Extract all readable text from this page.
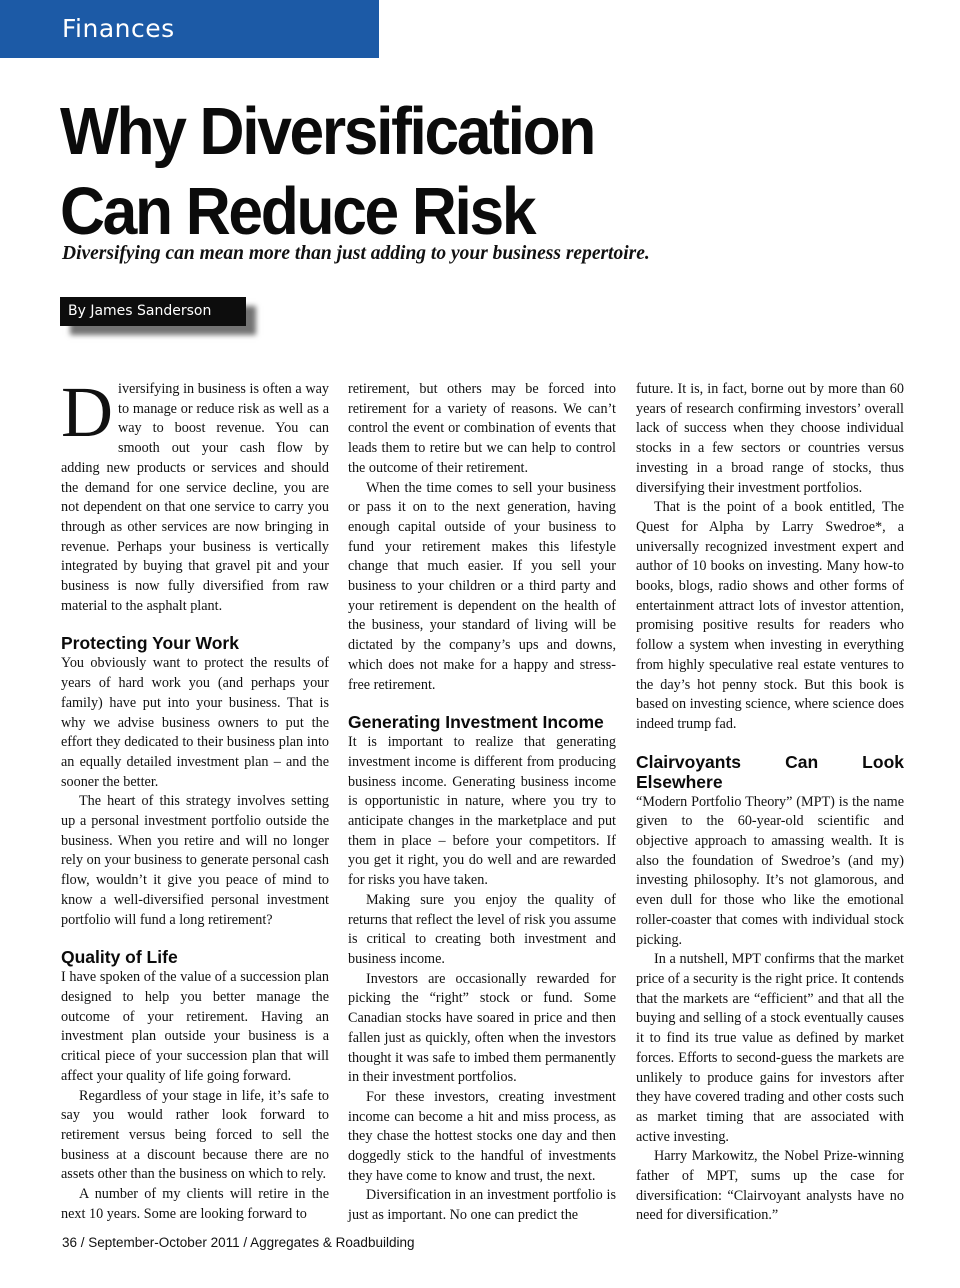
Finances
Why Diversification
Can Reduce Risk
Diversifying can mean more than just adding to your business repertoire.
By James Sanderson

Diversifying in business is often a way to manage or reduce risk as well as a way to boost revenue. You can smooth out your cash flow by adding new products or services and should the demand for one service decline, you are not dependent on that one service to carry you through as other services are now bringing in revenue. Perhaps your business is vertically integrated by buying that gravel pit and your business is now fully diversified from raw material to the asphalt plant.

Protecting Your Work

You obviously want to protect the results of years of hard work you (and perhaps your family) have put into your business. That is why we advise business owners to put the effort they dedicated to their business plan into an equally detailed investment plan – and the sooner the better.

The heart of this strategy involves setting up a personal investment portfolio outside the business. When you retire and will no longer rely on your business to generate personal cash flow, wouldn’t it give you peace of mind to know a well-diversified personal investment portfolio will fund a long retirement?

Quality of Life

I have spoken of the value of a succession plan designed to help you better manage the outcome of your retirement. Having an investment plan outside your business is a critical piece of your succession plan that will affect your quality of life going forward.

Regardless of your stage in life, it’s safe to say you would rather look forward to retirement versus being forced to sell the business at a discount because there are no assets other than the business on which to rely.

A number of my clients will retire in the next 10 years. Some are looking forward to

retirement, but others may be forced into retirement for a variety of reasons. We can’t control the event or combination of events that leads them to retire but we can help to control the outcome of their retirement.

When the time comes to sell your business or pass it on to the next generation, having enough capital outside of your business to fund your retirement makes this lifestyle change that much easier. If you sell your business to your children or a third party and your retirement is dependent on the health of the business, your standard of living will be dictated by the company’s ups and downs, which does not make for a happy and stress-free retirement.

Generating Investment Income

It is important to realize that generating investment income is different from producing business income. Generating business income is opportunistic in nature, where you try to anticipate changes in the marketplace and put them in place – before your competitors. If you get it right, you do well and are rewarded for risks you have taken.

Making sure you enjoy the quality of returns that reflect the level of risk you assume is critical to creating both investment and business income.

Investors are occasionally rewarded for picking the “right” stock or fund. Some Canadian stocks have soared in price and then fallen just as quickly, often when the investors thought it was safe to imbed them permanently in their investment portfolios.

For these investors, creating investment income can become a hit and miss process, as they chase the hottest stocks one day and then doggedly stick to the handful of investments they have come to know and trust, the next.

Diversification in an investment portfolio is just as important. No one can predict the

future. It is, in fact, borne out by more than 60 years of research confirming investors’ overall lack of success when they choose individual stocks in a few sectors or countries versus investing in a broad range of stocks, thus diversifying their investment portfolios.

That is the point of a book entitled, The Quest for Alpha by Larry Swedroe*, a universally recognized investment expert and author of 10 books on investing. Many how-to books, blogs, radio shows and other forms of entertainment attract lots of investor attention, promising positive results for readers who follow a system when investing in everything from highly speculative real estate ventures to the day’s hot penny stock. But this book is based on investing science, where science does indeed trump fad.

Clairvoyants Can Look Elsewhere

“Modern Portfolio Theory” (MPT) is the name given to the 60-year-old scientific and objective approach to amassing wealth. It is also the foundation of Swedroe’s (and my) investing philosophy. It’s not glamorous, and even dull for those who like the emotional roller-coaster that comes with individual stock picking.

In a nutshell, MPT confirms that the market price of a security is the right price. It contends that the markets are “efficient” and that all the buying and selling of a stock eventually causes it to find its true value as defined by market forces. Efforts to second-guess the markets are unlikely to produce gains for investors after they have covered trading and other costs such as market timing that are associated with active investing.

Harry Markowitz, the Nobel Prize-winning father of MPT, sums up the case for diversification: “Clairvoyant analysts have no need for diversification.”

36 / September-October 2011 / Aggregates & Roadbuilding
